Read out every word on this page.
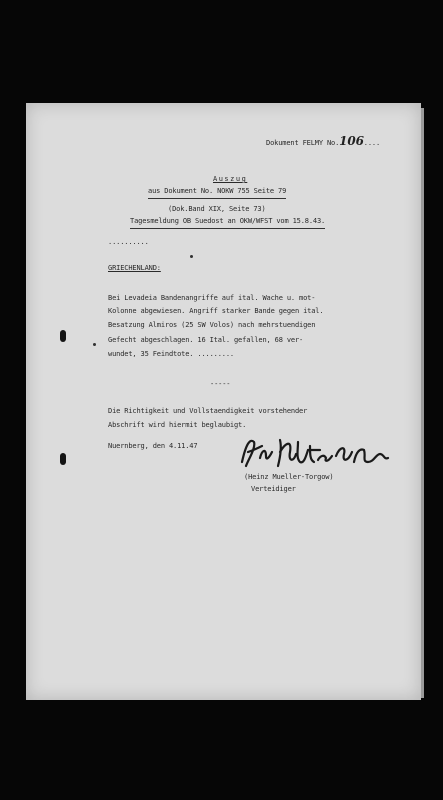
Dokument FELMY No.106....
Auszug
aus Dokument No. NOKW 755 Seite 79
(Dok.Band XIX, Seite 73)
Tagesmeldung OB Suedost an OKW/WFST vom 15.8.43.
..........
GRIECHENLAND:
Bei Levadeia Bandenangriffe auf ital. Wache u. mot-
Kolonne abgewiesen. Angriff starker Bande gegen ital.
Besatzung Almiros (25 SW Volos) nach mehrstuendigen
Gefecht abgeschlagen. 16 Ital. gefallen, 68 ver-
wundet, 35 Feindtote. .........
-----
Die Richtigkeit und Vollstaendigkeit vorstehender
Abschrift wird hiermit beglaubigt.
Nuernberg, den 4.11.47
(Heinz Mueller-Torgow)
Verteidiger
